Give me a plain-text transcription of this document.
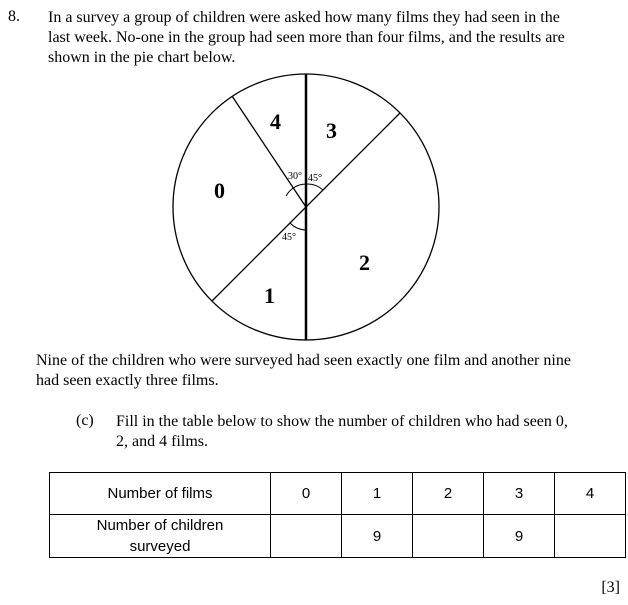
8. In a survey a group of children were asked how many films they had seen in the
last week. No-one in the group had seen more than four films, and the results are
shown in the pie chart below.
30° 45°
45°
4 3
0
2
1
Nine of the children who were surveyed had seen exactly one film and another nine
had seen exactly three films.
(c) Fill in the table below to show the number of children who had seen 0,
2, and 4 films.
Number of films	0	1	2	3	4

Number of children
surveyed		9		9	
[3]
